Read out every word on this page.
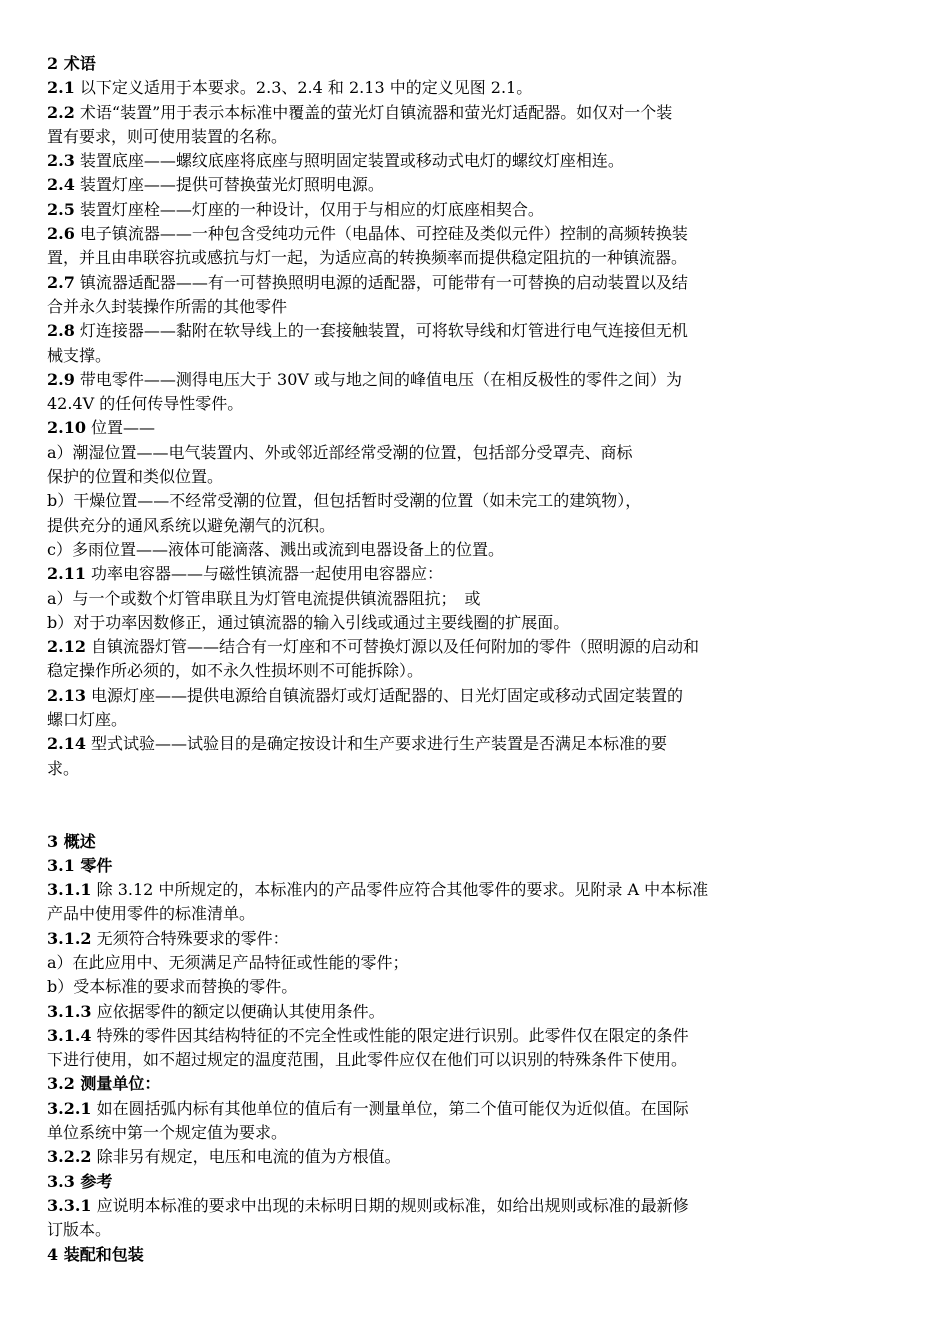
2 术语
2.1 以下定义适用于本要求。2.3、2.4 和 2.13 中的定义见图 2.1。
2.2 术语“装置”用于表示本标准中覆盖的萤光灯自镇流器和萤光灯适配器。如仅对一个装
置有要求，则可使用装置的名称。
2.3 装置底座——螺纹底座将底座与照明固定装置或移动式电灯的螺纹灯座相连。
2.4 装置灯座——提供可替换萤光灯照明电源。
2.5 装置灯座栓——灯座的一种设计，仅用于与相应的灯底座相契合。
2.6 电子镇流器——一种包含受纯功元件（电晶体、可控硅及类似元件）控制的高频转换装
置，并且由串联容抗或感抗与灯一起，为适应高的转换频率而提供稳定阻抗的一种镇流器。
2.7 镇流器适配器——有一可替换照明电源的适配器，可能带有一可替换的启动装置以及结
合并永久封装操作所需的其他零件
2.8 灯连接器——黏附在软导线上的一套接触装置，可将软导线和灯管进行电气连接但无机
械支撑。
2.9 带电零件——测得电压大于 30V 或与地之间的峰值电压（在相反极性的零件之间）为
42.4V 的任何传导性零件。
2.10 位置——
a）潮湿位置——电气装置内、外或邻近部经常受潮的位置，包括部分受罩壳、商标
保护的位置和类似位置。
b）干燥位置——不经常受潮的位置，但包括暂时受潮的位置（如未完工的建筑物），
提供充分的通风系统以避免潮气的沉积。
c）多雨位置——液体可能滴落、溅出或流到电器设备上的位置。
2.11 功率电容器——与磁性镇流器一起使用电容器应：
a）与一个或数个灯管串联且为灯管电流提供镇流器阻抗；　或
b）对于功率因数修正，通过镇流器的输入引线或通过主要线圈的扩展面。
2.12 自镇流器灯管——结合有一灯座和不可替换灯源以及任何附加的零件（照明源的启动和
稳定操作所必须的，如不永久性损坏则不可能拆除）。
2.13 电源灯座——提供电源给自镇流器灯或灯适配器的、日光灯固定或移动式固定装置的
螺口灯座。
2.14 型式试验——试验目的是确定按设计和生产要求进行生产装置是否满足本标准的要
求。
3 概述
3.1 零件
3.1.1 除 3.12 中所规定的，本标准内的产品零件应符合其他零件的要求。见附录 A 中本标准
产品中使用零件的标准清单。
3.1.2 无须符合特殊要求的零件：
a）在此应用中、无须满足产品特征或性能的零件；
b）受本标准的要求而替换的零件。
3.1.3 应依据零件的额定以便确认其使用条件。
3.1.4 特殊的零件因其结构特征的不完全性或性能的限定进行识别。此零件仅在限定的条件
下进行使用，如不超过规定的温度范围，且此零件应仅在他们可以识别的特殊条件下使用。
3.2 测量单位：
3.2.1 如在圆括弧内标有其他单位的值后有一测量单位，第二个值可能仅为近似值。在国际
单位系统中第一个规定值为要求。
3.2.2 除非另有规定，电压和电流的值为方根值。
3.3 参考
3.3.1 应说明本标准的要求中出现的未标明日期的规则或标准，如给出规则或标准的最新修
订版本。
4 装配和包装
